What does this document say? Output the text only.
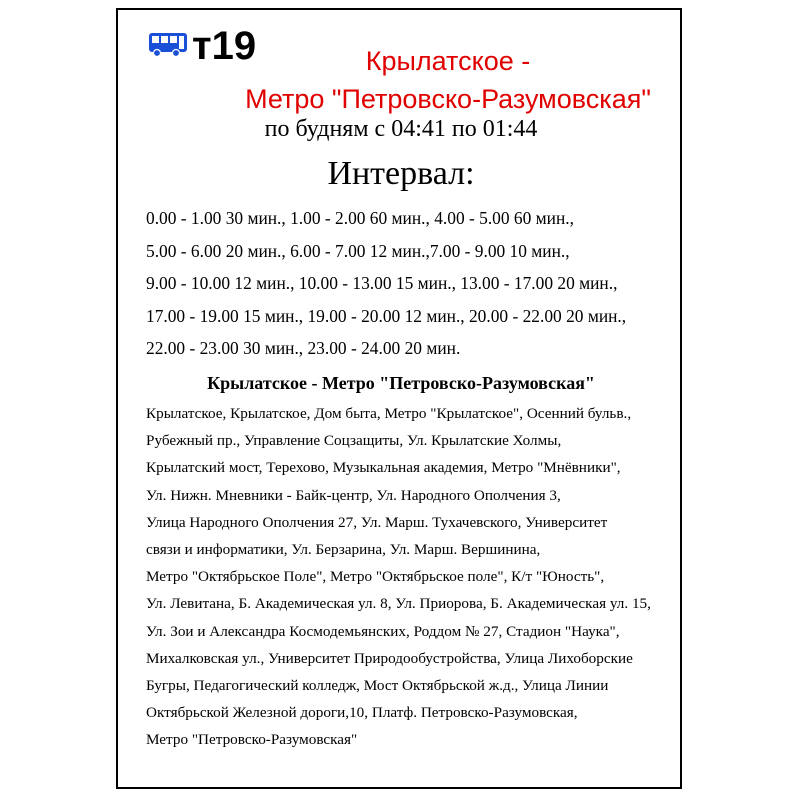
т19	Крылатское -
Метро "Петровско-Разумовская"
по будням с 04:41 по 01:44
Интервал:
0.00 - 1.00 30 мин., 1.00 - 2.00 60 мин., 4.00 - 5.00 60 мин.,
5.00 - 6.00 20 мин., 6.00 - 7.00 12 мин.,7.00 - 9.00 10 мин.,
9.00 - 10.00 12 мин., 10.00 - 13.00 15 мин., 13.00 - 17.00 20 мин.,
17.00 - 19.00 15 мин., 19.00 - 20.00 12 мин., 20.00 - 22.00 20 мин.,
22.00 - 23.00 30 мин., 23.00 - 24.00 20 мин.
Крылатское - Метро "Петровско-Разумовская"
Крылатское, Крылатское, Дом быта, Метро "Крылатское", Осенний бульв.,
Рубежный пр., Управление Соцзащиты, Ул. Крылатские Холмы,
Крылатский мост, Терехово, Музыкальная академия, Метро "Мнёвники",
Ул. Нижн. Мневники - Байк-центр, Ул. Народного Ополчения 3,
Улица Народного Ополчения 27, Ул. Марш. Тухачевского, Университет
связи и информатики, Ул. Берзарина, Ул. Марш. Вершинина,
Метро "Октябрьское Поле", Метро "Октябрьское поле", К/т "Юность",
Ул. Левитана, Б. Академическая ул. 8, Ул. Приорова, Б. Академическая ул. 15,
Ул. Зои и Александра Космодемьянских, Роддом № 27, Стадион "Наука",
Михалковская ул., Университет Природообустройства, Улица Лихоборские
Бугры, Педагогический колледж, Мост Октябрьской ж.д., Улица Линии
Октябрьской Железной дороги,10, Платф. Петровско-Разумовская,
Метро "Петровско-Разумовская"
